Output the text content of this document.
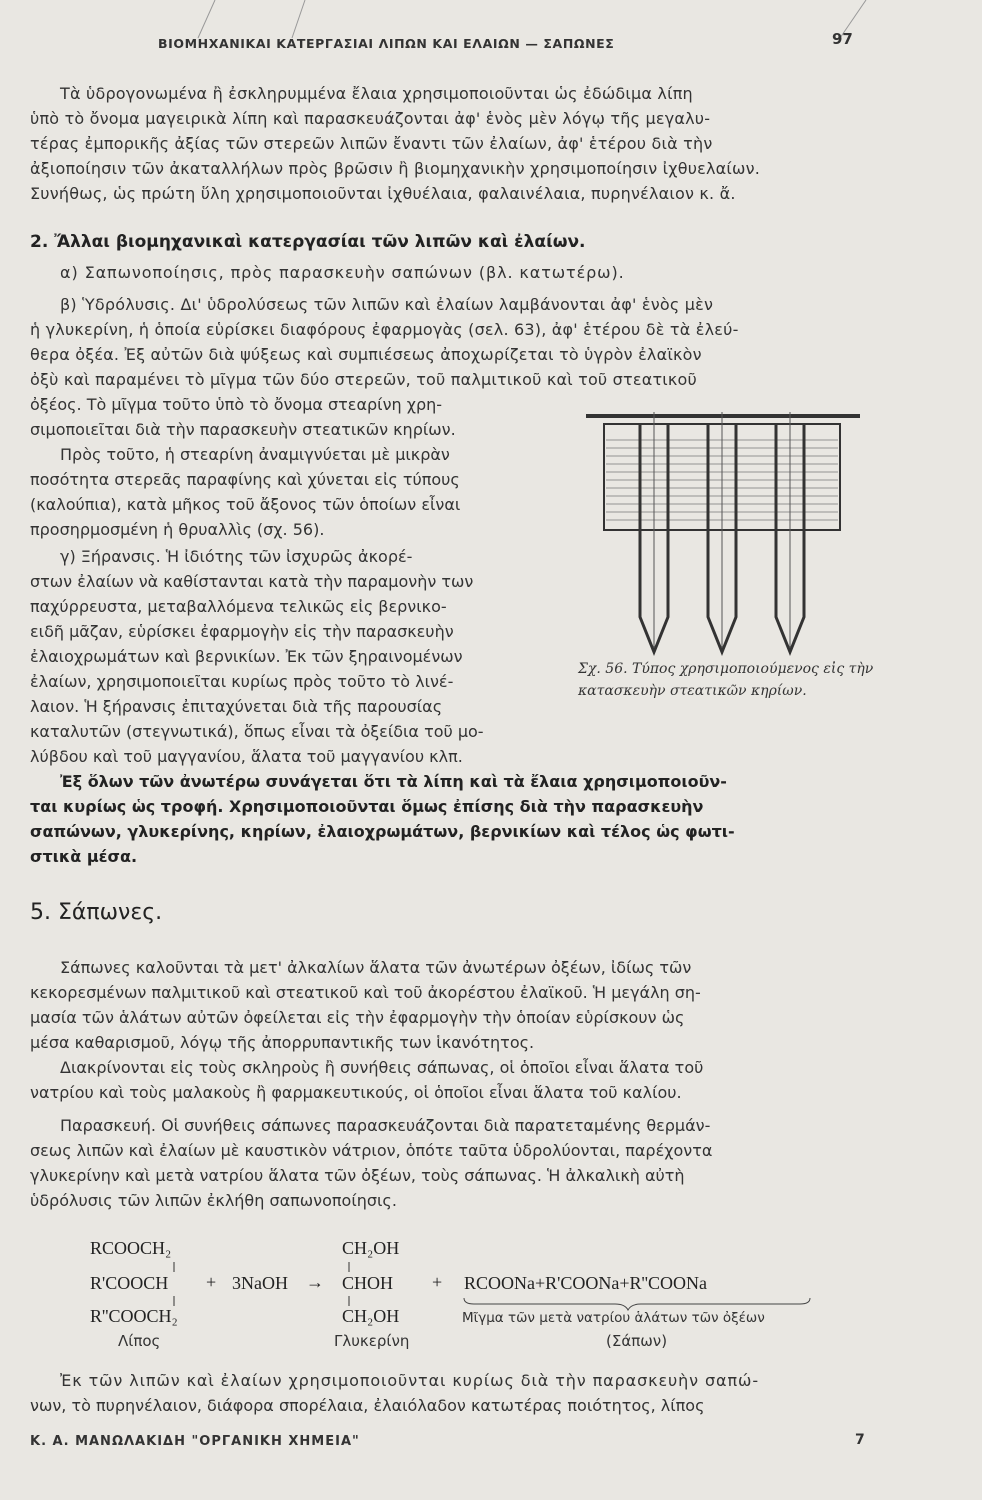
ΒΙΟΜΗΧΑΝΙΚΑΙ ΚΑΤΕΡΓΑΣΙΑΙ ΛΙΠΩΝ ΚΑΙ ΕΛΑΙΩΝ — ΣΑΠΩΝΕΣ	97
Τὰ ὑδρογονωμένα ἢ ἐσκληρυμμένα ἔλαια χρησιμοποιοῦνται ὡς ἐδώδιμα λίπη
ὑπὸ τὸ ὄνομα μαγειρικὰ λίπη καὶ παρασκευάζονται ἀφ' ἑνὸς μὲν λόγῳ τῆς μεγαλυ-
τέρας ἐμπορικῆς ἀξίας τῶν στερεῶν λιπῶν ἔναντι τῶν ἐλαίων, ἀφ' ἑτέρου διὰ τὴν
ἀξιοποίησιν τῶν ἀκαταλλήλων πρὸς βρῶσιν ἢ βιομηχανικὴν χρησιμοποίησιν ἰχθυελαίων.
Συνήθως, ὡς πρώτη ὕλη χρησιμοποιοῦνται ἰχθυέλαια, φαλαινέλαια, πυρηνέλαιον κ. ἄ.
2. Ἄλλαι βιομηχανικαὶ κατεργασίαι τῶν λιπῶν καὶ ἐλαίων.
α) Σαπωνοποίησις, πρὸς παρασκευὴν σαπώνων (βλ. κατωτέρω).
β) Ὑδρόλυσις. Δι' ὑδρολύσεως τῶν λιπῶν καὶ ἐλαίων λαμβάνονται ἀφ' ἑνὸς μὲν
ἡ γλυκερίνη, ἡ ὁποία εὑρίσκει διαφόρους ἐφαρμογὰς (σελ. 63), ἀφ' ἑτέρου δὲ τὰ ἐλεύ-
θερα ὀξέα. Ἐξ αὐτῶν διὰ ψύξεως καὶ συμπιέσεως ἀποχωρίζεται τὸ ὑγρὸν ἐλαϊκὸν
ὀξὺ καὶ παραμένει τὸ μῖγμα τῶν δύο στερεῶν, τοῦ παλμιτικοῦ καὶ τοῦ στεατικοῦ
ὀξέος. Τὸ μῖγμα τοῦτο ὑπὸ τὸ ὄνομα στεαρίνη χρη-
σιμοποιεῖται διὰ τὴν παρασκευὴν στεατικῶν κηρίων.
Πρὸς τοῦτο, ἡ στεαρίνη ἀναμιγνύεται μὲ μικρὰν
ποσότητα στερεᾶς παραφίνης καὶ χύνεται εἰς τύπους
(καλούπια), κατὰ μῆκος τοῦ ἄξονος τῶν ὁποίων εἶναι
προσηρμοσμένη ἡ θρυαλλὶς (σχ. 56).
γ) Ξήρανσις. Ἡ ἰδιότης τῶν ἰσχυρῶς ἀκορέ-
στων ἐλαίων νὰ καθίστανται κατὰ τὴν παραμονὴν των
παχύρρευστα, μεταβαλλόμενα τελικῶς εἰς βερνικο-
ειδῆ μᾶζαν, εὑρίσκει ἐφαρμογὴν εἰς τὴν παρασκευὴν
ἐλαιοχρωμάτων καὶ βερνικίων. Ἐκ τῶν ξηραινομένων
ἐλαίων, χρησιμοποιεῖται κυρίως πρὸς τοῦτο τὸ λινέ-
λαιον. Ἡ ξήρανσις ἐπιταχύνεται διὰ τῆς παρουσίας
καταλυτῶν (στεγνωτικά), ὅπως εἶναι τὰ ὀξείδια τοῦ μο-
λύβδου καὶ τοῦ μαγγανίου, ἅλατα τοῦ μαγγανίου κλπ.
Σχ. 56. Τύπος χρησιμοποιούμενος εἰς τὴν κατασκευὴν στεατικῶν κηρίων.
Ἐξ ὅλων τῶν ἀνωτέρω συνάγεται ὅτι τὰ λίπη καὶ τὰ ἔλαια χρησιμοποιοῦν-
ται κυρίως ὡς τροφή. Χρησιμοποιοῦνται ὅμως ἐπίσης διὰ τὴν παρασκευὴν
σαπώνων, γλυκερίνης, κηρίων, ἐλαιοχρωμάτων, βερνικίων καὶ τέλος ὡς φωτι-
στικὰ μέσα.
5. Σάπωνες.
Σάπωνες καλοῦνται τὰ μετ' ἀλκαλίων ἅλατα τῶν ἀνωτέρων ὀξέων, ἰδίως τῶν
κεκορεσμένων παλμιτικοῦ καὶ στεατικοῦ καὶ τοῦ ἀκορέστου ἐλαϊκοῦ. Ἡ μεγάλη ση-
μασία τῶν ἁλάτων αὐτῶν ὀφείλεται εἰς τὴν ἐφαρμογὴν τὴν ὁποίαν εὑρίσκουν ὡς
μέσα καθαρισμοῦ, λόγῳ τῆς ἀπορρυπαντικῆς των ἱκανότητος.
Διακρίνονται εἰς τοὺς σκληροὺς ἢ συνήθεις σάπωνας, οἱ ὁποῖοι εἶναι ἅλατα τοῦ
νατρίου καὶ τοὺς μαλακοὺς ἢ φαρμακευτικούς, οἱ ὁποῖοι εἶναι ἅλατα τοῦ καλίου.
Παρασκευή. Οἱ συνήθεις σάπωνες παρασκευάζονται διὰ παρατεταμένης θερμάν-
σεως λιπῶν καὶ ἐλαίων μὲ καυστικὸν νάτριον, ὁπότε ταῦτα ὑδρολύονται, παρέχοντα
γλυκερίνην καὶ μετὰ νατρίου ἅλατα τῶν ὀξέων, τοὺς σάπωνας. Ἡ ἀλκαλικὴ αὐτὴ
ὑδρόλυσις τῶν λιπῶν ἐκλήθη σαπωνοποίησις.
RCOOCH₂
R'COOCH
R''COOCH₂
+ 3NaOH →
CH₂OH
CHOH
CH₂OH
+ RCOONa+R'COONa+R''COONa
Λίπος	Γλυκερίνη
Μῖγμα τῶν μετὰ νατρίου ἁλάτων τῶν ὀξέων
(Σάπων)
Ἐκ τῶν λιπῶν καὶ ἐλαίων χρησιμοποιοῦνται κυρίως διὰ τὴν παρασκευὴν σαπώ-
νων, τὸ πυρηνέλαιον, διάφορα σπορέλαια, ἐλαιόλαδον κατωτέρας ποιότητος, λίπος
Κ. Α. ΜΑΝΩΛΑΚΙΔΗ "ΟΡΓΑΝΙΚΗ ΧΗΜΕΙΑ"	7
